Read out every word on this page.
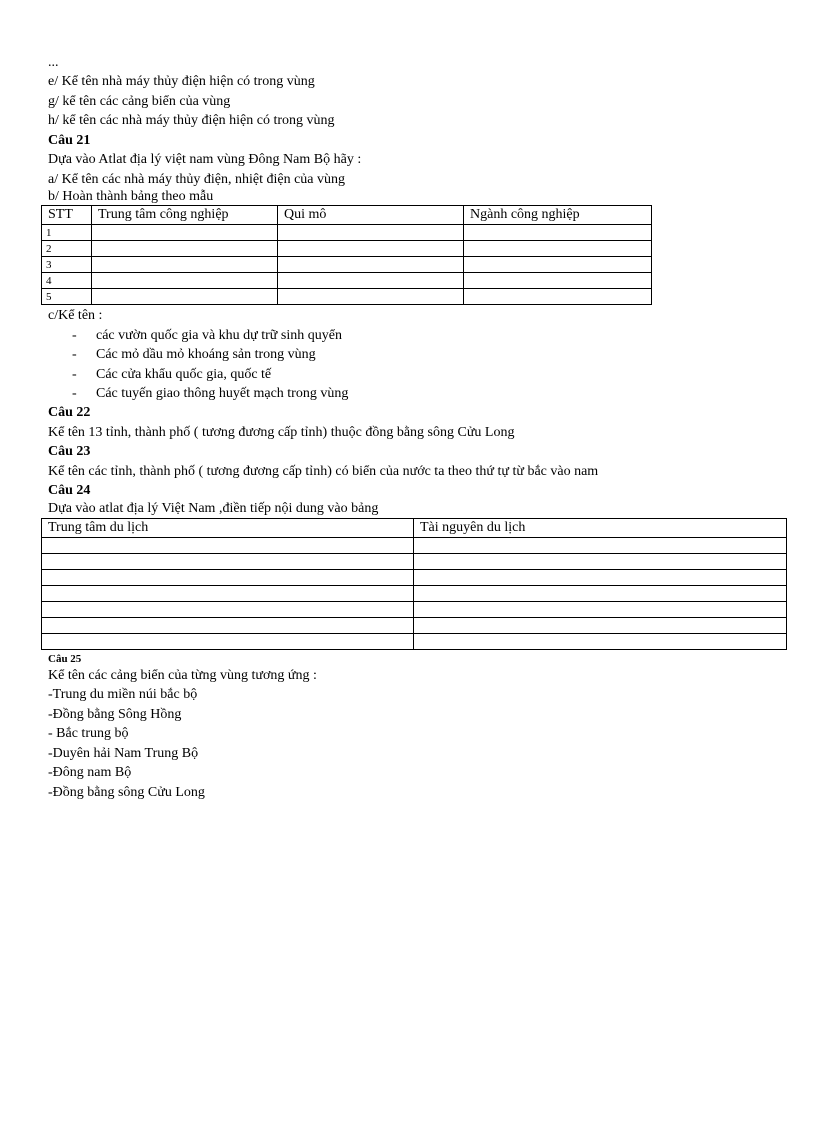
...
e/ Kể tên nhà máy thủy điện hiện có trong vùng
g/ kể tên các cảng biển của vùng
h/ kể tên các nhà máy thủy điện hiện có trong vùng
Câu 21
Dựa vào Atlat địa lý việt nam vùng Đông Nam Bộ hãy :
a/ Kể tên các nhà máy thủy điện, nhiệt điện của vùng
b/ Hoàn thành bảng theo mẫu
STT	Trung tâm công nghiệp	Qui mô	Ngành công nghiệp
1			
2			
3			
4			
5			
c/Kể tên :
- các vườn quốc gia và khu dự trữ sinh quyển
- Các mỏ dầu mỏ khoáng sản trong vùng
- Các cửa khẩu quốc gia, quốc tế
- Các tuyến giao thông huyết mạch trong vùng
Câu 22
Kể tên 13 tỉnh, thành phố ( tương đương cấp tỉnh) thuộc đồng bằng sông Cửu Long
Câu 23
Kể tên các tỉnh, thành phố ( tương đương cấp tỉnh) có biển của nước ta theo thứ tự từ bắc vào nam
Câu 24
Dựa vào atlat địa lý Việt Nam ,điền tiếp nội dung vào bảng
Trung tâm du lịch	Tài nguyên du lịch

Câu 25
Kể tên các cảng biển của từng vùng tương ứng :
-Trung du miền núi bắc bộ
-Đồng bằng Sông Hồng
- Bắc trung bộ
-Duyên hải Nam Trung Bộ
-Đông nam Bộ
-Đồng bằng sông Cửu Long
